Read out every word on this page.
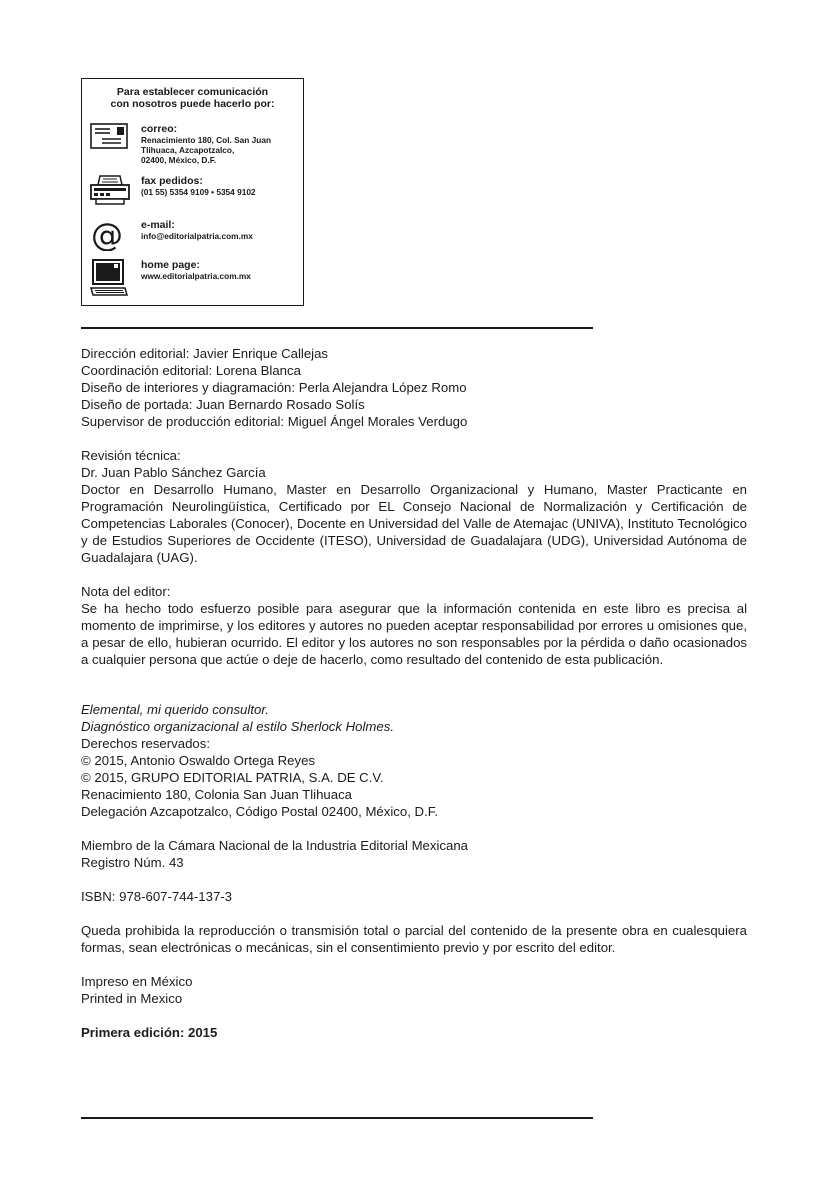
Para establecer comunicación
con nosotros puede hacerlo por:
correo:
Renacimiento 180, Col. San Juan
Tlihuaca, Azcapotzalco,
02400, México, D.F.
fax pedidos:
(01 55) 5354 9109 • 5354 9102
@ e-mail:
info@editorialpatria.com.mx
home page:
www.editorialpatria.com.mx

Dirección editorial: Javier Enrique Callejas

Coordinación editorial: Lorena Blanca

Diseño de interiores y diagramación: Perla Alejandra López Romo

Diseño de portada: Juan Bernardo Rosado Solís

Supervisor de producción editorial: Miguel Ángel Morales Verdugo

Revisión técnica:

Dr. Juan Pablo Sánchez García

Doctor en Desarrollo Humano, Master en Desarrollo Organizacional y Humano, Master Practicante en Programación Neurolingüística, Certificado por EL Consejo Nacional de Normalización y Certificación de Competencias Laborales (Conocer), Docente en Universidad del Valle de Atemajac (UNIVA), Instituto Tecnológico y de Estudios Superiores de Occidente (ITESO), Universidad de Guadalajara (UDG), Universidad Autónoma de Guadalajara (UAG).

Nota del editor:

Se ha hecho todo esfuerzo posible para asegurar que la información contenida en este libro es precisa al momento de imprimirse, y los editores y autores no pueden aceptar responsabilidad por errores u omisiones que, a pesar de ello, hubieran ocurrido. El editor y los autores no son responsables por la pérdida o daño ocasionados a cualquier persona que actúe o deje de hacerlo, como resultado del contenido de esta publicación.

Elemental, mi querido consultor.

Diagnóstico organizacional al estilo Sherlock Holmes.

Derechos reservados:

© 2015, Antonio Oswaldo Ortega Reyes

© 2015, GRUPO EDITORIAL PATRIA, S.A. DE C.V.

Renacimiento 180, Colonia San Juan Tlihuaca

Delegación Azcapotzalco, Código Postal 02400, México, D.F.

Miembro de la Cámara Nacional de la Industria Editorial Mexicana

Registro Núm. 43

ISBN: 978-607-744-137-3

Queda prohibida la reproducción o transmisión total o parcial del contenido de la presente obra en cualesquiera formas, sean electrónicas o mecánicas, sin el consentimiento previo y por escrito del editor.

Impreso en México

Printed in Mexico

Primera edición: 2015
